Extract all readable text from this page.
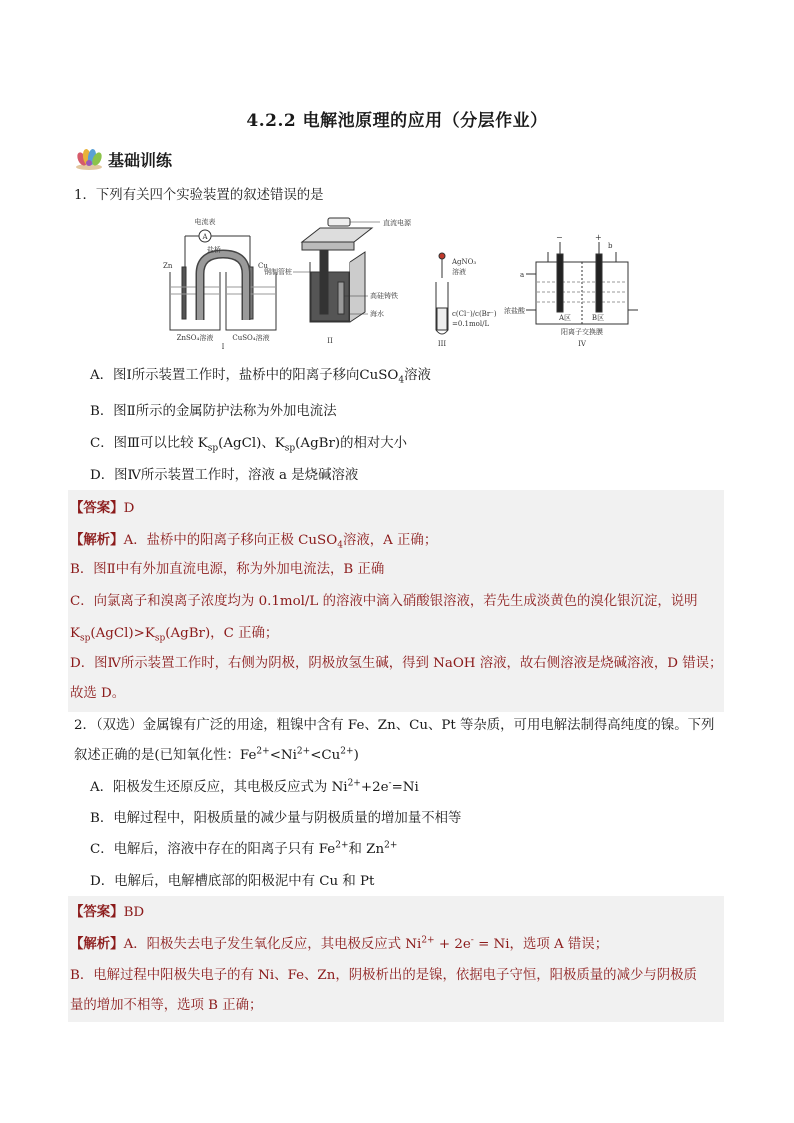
4.2.2 电解池原理的应用（分层作业）
基础训练
1．下列有关四个实验装置的叙述错误的是
电流表
A
盐桥
Zn	Cu
ZnSO₄溶液	CuSO₄溶液
I
直流电源
钢制管桩
高硅铸铁
海水
II
AgNO₃
溶液
c(Cl⁻)/c(Br⁻)
=0.1mol/L
III
−	+
b
a
浓盐酸
A区	B区
阳离子交换膜
IV
A．图Ⅰ所示装置工作时，盐桥中的阳离子移向CuSO$_4$溶液
B．图Ⅱ所示的金属防护法称为外加电流法
C．图Ⅲ可以比较 $K_{sp}(AgCl)$、$K_{sp}(AgBr)$的相对大小
D．图Ⅳ所示装置工作时，溶液 a 是烧碱溶液
【答案】D
【解析】A．盐桥中的阳离子移向正极 CuSO$_4$溶液，A 正确；
B．图Ⅱ中有外加直流电源，称为外加电流法，B 正确
C．向氯离子和溴离子浓度均为 0.1mol/L 的溶液中滴入硝酸银溶液，若先生成淡黄色的溴化银沉淀，说明
$K_{sp}(AgCl)>K_{sp}(AgBr)$，C 正确；
D．图Ⅳ所示装置工作时，右侧为阴极，阴极放氢生碱，得到 NaOH 溶液，故右侧溶液是烧碱溶液，D 错误；
故选 D。
2．（双选）金属镍有广泛的用途，粗镍中含有 Fe、Zn、Cu、Pt 等杂质，可用电解法制得高纯度的镍。下列
叙述正确的是(已知氧化性：$Fe^{2+}<Ni^{2+}<Cu^{2+}$)
A．阳极发生还原反应，其电极反应式为 $Ni^{2+}+2e^-=Ni$
B．电解过程中，阳极质量的减少量与阴极质量的增加量不相等
C．电解后，溶液中存在的阳离子只有 $Fe^{2+}$和 $Zn^{2+}$
D．电解后，电解槽底部的阳极泥中有 Cu 和 Pt
【答案】BD
【解析】A．阳极失去电子发生氧化反应，其电极反应式 $Ni^{2+} + 2e^- = Ni$，选项 A 错误；
B．电解过程中阳极失电子的有 Ni、Fe、Zn，阴极析出的是镍，依据电子守恒，阳极质量的减少与阴极质
量的增加不相等，选项 B 正确；
